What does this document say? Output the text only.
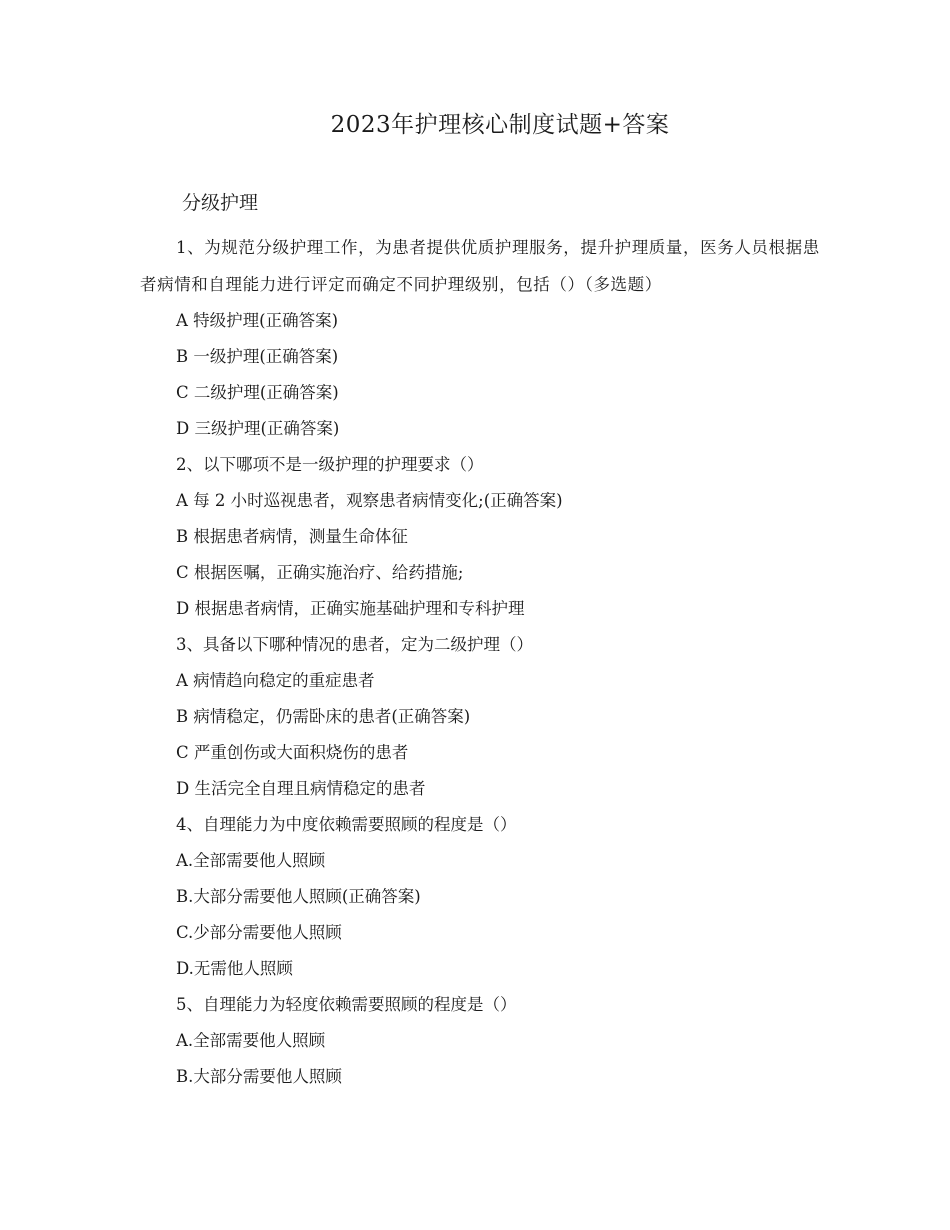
2023年护理核心制度试题+答案
分级护理

1、为规范分级护理工作，为患者提供优质护理服务，提升护理质量，医务人员根据患者病情和自理能力进行评定而确定不同护理级别，包括（）（多选题）

A 特级护理(正确答案)

B 一级护理(正确答案)

C 二级护理(正确答案)

D 三级护理(正确答案)

2、以下哪项不是一级护理的护理要求（）

A 每 2 小时巡视患者，观察患者病情变化;(正确答案)

B 根据患者病情，测量生命体征

C 根据医嘱，正确实施治疗、给药措施;

D 根据患者病情，正确实施基础护理和专科护理

3、具备以下哪种情况的患者，定为二级护理（）

A 病情趋向稳定的重症患者

B 病情稳定，仍需卧床的患者(正确答案)

C 严重创伤或大面积烧伤的患者

D 生活完全自理且病情稳定的患者

4、自理能力为中度依赖需要照顾的程度是（）

A.全部需要他人照顾

B.大部分需要他人照顾(正确答案)

C.少部分需要他人照顾

D.无需他人照顾

5、自理能力为轻度依赖需要照顾的程度是（）

A.全部需要他人照顾

B.大部分需要他人照顾
